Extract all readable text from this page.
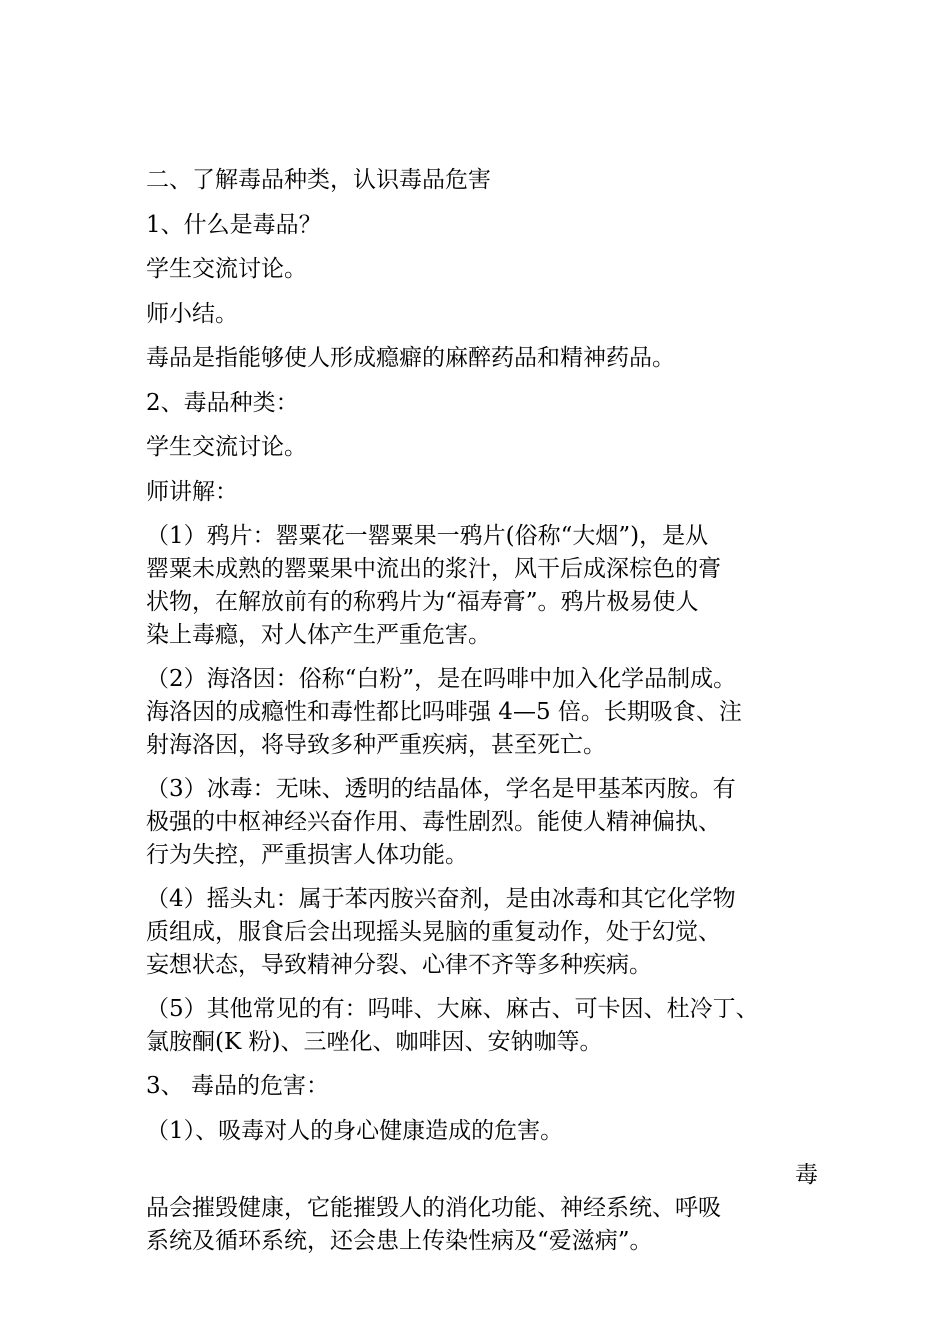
二、了解毒品种类，认识毒品危害

1、什么是毒品？

学生交流讨论。

师小结。

毒品是指能够使人形成瘾癖的麻醉药品和精神药品。

2、毒品种类：

学生交流讨论。

师讲解：

（1）鸦片：罂粟花一罂粟果一鸦片(俗称“大烟”)，是从
罂粟未成熟的罂粟果中流出的浆汁，风干后成深棕色的膏
状物，在解放前有的称鸦片为“福寿膏”。鸦片极易使人
染上毒瘾，对人体产生严重危害。
（2）海洛因：俗称“白粉”，是在吗啡中加入化学品制成。
海洛因的成瘾性和毒性都比吗啡强 4—5 倍。长期吸食、注
射海洛因，将导致多种严重疾病，甚至死亡。
（3）冰毒：无味、透明的结晶体，学名是甲基苯丙胺。有
极强的中枢神经兴奋作用、毒性剧烈。能使人精神偏执、
行为失控，严重损害人体功能。
（4）摇头丸：属于苯丙胺兴奋剂，是由冰毒和其它化学物
质组成，服食后会出现摇头晃脑的重复动作，处于幻觉、
妄想状态，导致精神分裂、心律不齐等多种疾病。
（5）其他常见的有：吗啡、大麻、麻古、可卡因、杜冷丁、
氯胺酮(K 粉)、三唑化、咖啡因、安钠咖等。

3、 毒品的危害：

（1）、吸毒对人的身心健康造成的危害。

毒
品会摧毁健康，它能摧毁人的消化功能、神经系统、呼吸
系统及循环系统，还会患上传染性病及“爱滋病”。
